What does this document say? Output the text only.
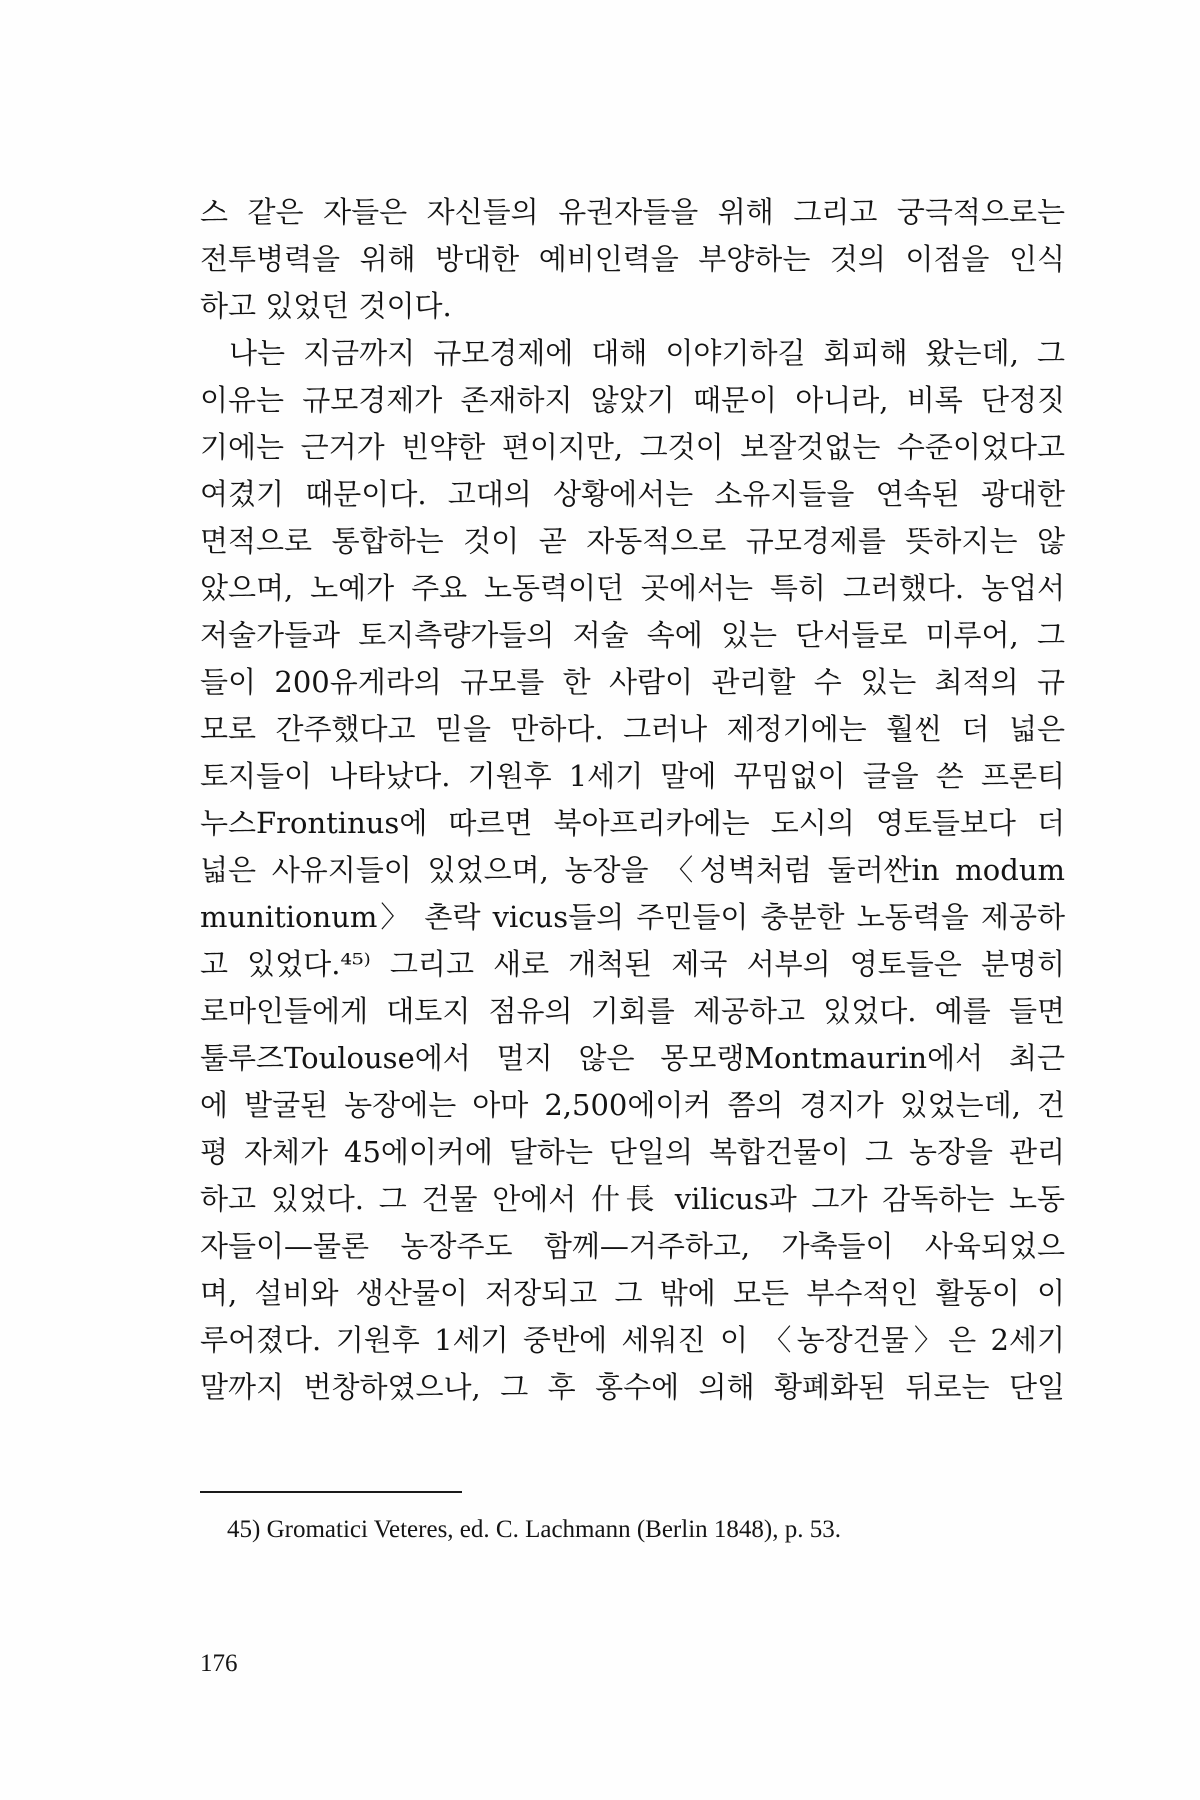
스 같은 자들은 자신들의 유권자들을 위해 그리고 궁극적으로는
전투병력을 위해 방대한 예비인력을 부양하는 것의 이점을 인식
하고 있었던 것이다.
나는 지금까지 규모경제에 대해 이야기하길 회피해 왔는데, 그
이유는 규모경제가 존재하지 않았기 때문이 아니라, 비록 단정짓
기에는 근거가 빈약한 편이지만, 그것이 보잘것없는 수준이었다고
여겼기 때문이다. 고대의 상황에서는 소유지들을 연속된 광대한
면적으로 통합하는 것이 곧 자동적으로 규모경제를 뜻하지는 않
았으며, 노예가 주요 노동력이던 곳에서는 특히 그러했다. 농업서
저술가들과 토지측량가들의 저술 속에 있는 단서들로 미루어, 그
들이 200유게라의 규모를 한 사람이 관리할 수 있는 최적의 규
모로 간주했다고 믿을 만하다. 그러나 제정기에는 훨씬 더 넓은
토지들이 나타났다. 기원후 1세기 말에 꾸밈없이 글을 쓴 프론티
누스Frontinus에 따르면 북아프리카에는 도시의 영토들보다 더
넓은 사유지들이 있었으며, 농장을 〈성벽처럼 둘러싼in modum
munitionum〉 촌락 vicus들의 주민들이 충분한 노동력을 제공하
고 있었다.⁴⁵⁾ 그리고 새로 개척된 제국 서부의 영토들은 분명히
로마인들에게 대토지 점유의 기회를 제공하고 있었다. 예를 들면
툴루즈Toulouse에서 멀지 않은 몽모랭Montmaurin에서 최근
에 발굴된 농장에는 아마 2,500에이커 쯤의 경지가 있었는데, 건
평 자체가 45에이커에 달하는 단일의 복합건물이 그 농장을 관리
하고 있었다. 그 건물 안에서 什長 vilicus과 그가 감독하는 노동
자들이—물론 농장주도 함께—거주하고, 가축들이 사육되었으
며, 설비와 생산물이 저장되고 그 밖에 모든 부수적인 활동이 이
루어졌다. 기원후 1세기 중반에 세워진 이 〈농장건물〉은 2세기
말까지 번창하였으나, 그 후 홍수에 의해 황폐화된 뒤로는 단일
45) Gromatici Veteres, ed. C. Lachmann (Berlin 1848), p. 53.
176
